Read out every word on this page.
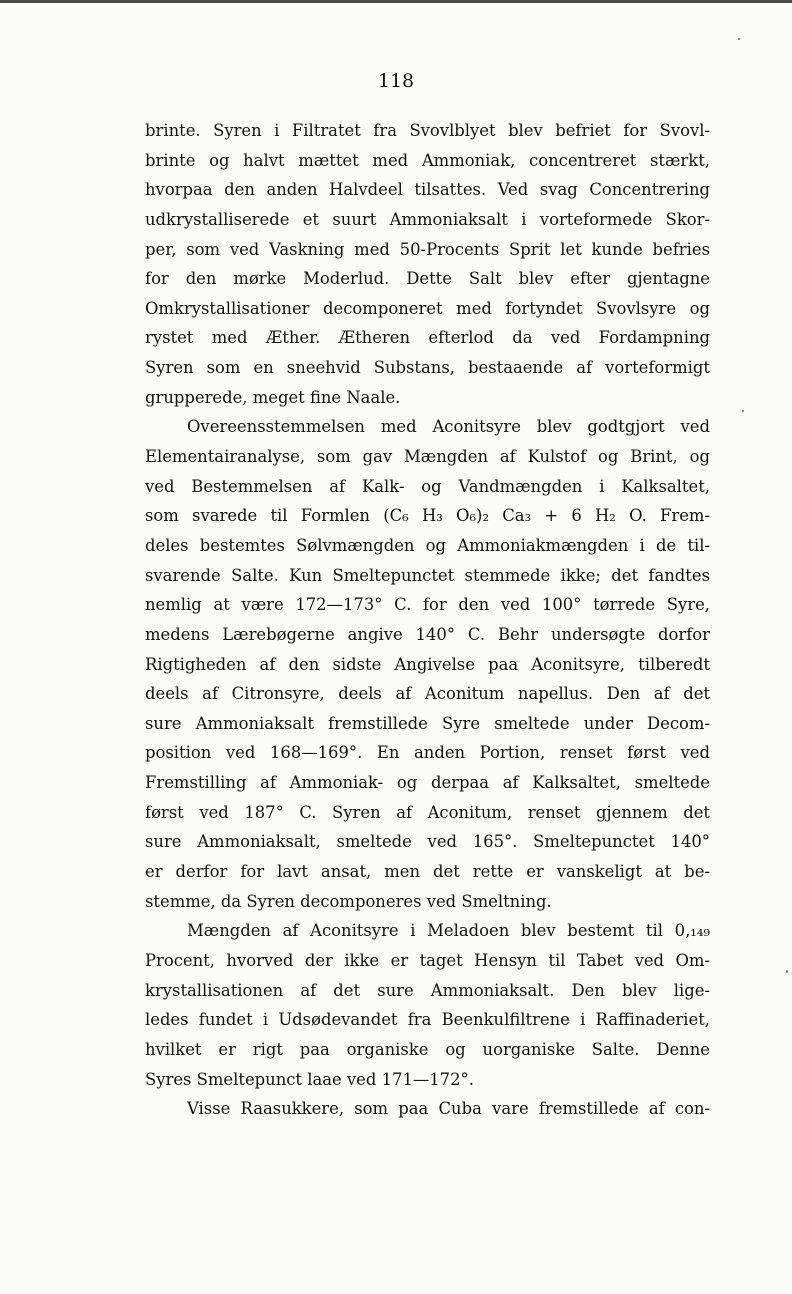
118
brinte. Syren i Filtratet fra Svovlblyet blev befriet for Svovl-
brinte og halvt mættet med Ammoniak, concentreret stærkt,
hvorpaa den anden Halvdeel tilsattes. Ved svag Concentrering
udkrystalliserede et suurt Ammoniaksalt i vorteformede Skor-
per, som ved Vaskning med 50-Procents Sprit let kunde befries
for den mørke Moderlud. Dette Salt blev efter gjentagne
Omkrystallisationer decomponeret med fortyndet Svovlsyre og
rystet med Æther. Ætheren efterlod da ved Fordampning
Syren som en sneehvid Substans, bestaaende af vorteformigt
grupperede, meget fine Naale.
Overeensstemmelsen med Aconitsyre blev godtgjort ved
Elementairanalyse, som gav Mængden af Kulstof og Brint, og
ved Bestemmelsen af Kalk- og Vandmængden i Kalksaltet,
som svarede til Formlen (C₆ H₃ O₆)₂ Ca₃ + 6 H₂ O. Frem-
deles bestemtes Sølvmængden og Ammoniakmængden i de til-
svarende Salte. Kun Smeltepunctet stemmede ikke; det fandtes
nemlig at være 172—173° C. for den ved 100° tørrede Syre,
medens Lærebøgerne angive 140° C. Behr undersøgte dorfor
Rigtigheden af den sidste Angivelse paa Aconitsyre, tilberedt
deels af Citronsyre, deels af Aconitum napellus. Den af det
sure Ammoniaksalt fremstillede Syre smeltede under Decom-
position ved 168—169°. En anden Portion, renset først ved
Fremstilling af Ammoniak- og derpaa af Kalksaltet, smeltede
først ved 187° C. Syren af Aconitum, renset gjennem det
sure Ammoniaksalt, smeltede ved 165°. Smeltepunctet 140°
er derfor for lavt ansat, men det rette er vanskeligt at be-
stemme, da Syren decomponeres ved Smeltning.
Mængden af Aconitsyre i Meladoen blev bestemt til 0,₁₄₉
Procent, hvorved der ikke er taget Hensyn til Tabet ved Om-
krystallisationen af det sure Ammoniaksalt. Den blev lige-
ledes fundet i Udsødevandet fra Beenkulfiltrene i Raffinaderiet,
hvilket er rigt paa organiske og uorganiske Salte. Denne
Syres Smeltepunct laae ved 171—172°.
Visse Raasukkere, som paa Cuba vare fremstillede af con-
